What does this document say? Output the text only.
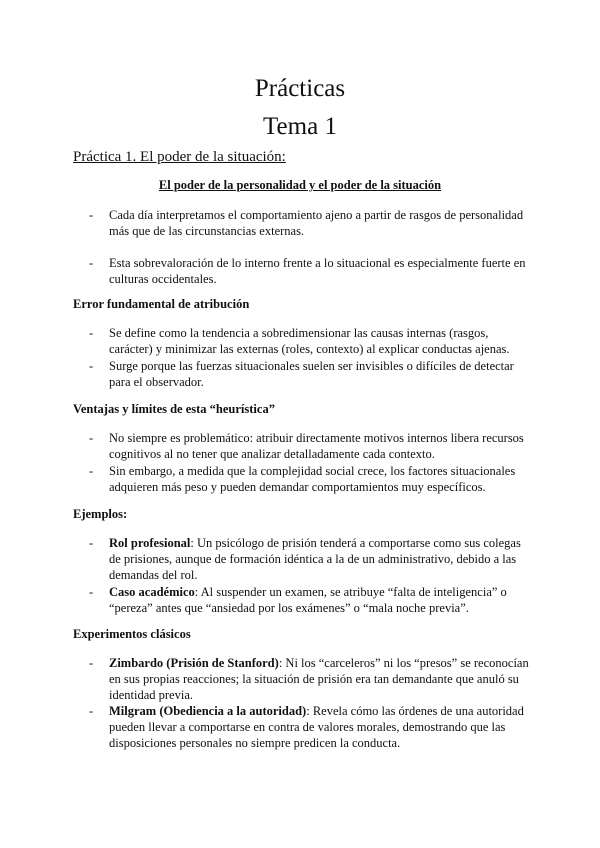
Prácticas
Tema 1
Práctica 1. El poder de la situación:
El poder de la personalidad y el poder de la situación
- Cada día interpretamos el comportamiento ajeno a partir de rasgos de personalidad más que de las circunstancias externas.
- Esta sobrevaloración de lo interno frente a lo situacional es especialmente fuerte en culturas occidentales.
Error fundamental de atribución
- Se define como la tendencia a sobredimensionar las causas internas (rasgos, carácter) y minimizar las externas (roles, contexto) al explicar conductas ajenas.
- Surge porque las fuerzas situacionales suelen ser invisibles o difíciles de detectar para el observador.
Ventajas y límites de esta “heurística”
- No siempre es problemático: atribuir directamente motivos internos libera recursos cognitivos al no tener que analizar detalladamente cada contexto.
- Sin embargo, a medida que la complejidad social crece, los factores situacionales adquieren más peso y pueden demandar comportamientos muy específicos.
Ejemplos:
- Rol profesional: Un psicólogo de prisión tenderá a comportarse como sus colegas de prisiones, aunque de formación idéntica a la de un administrativo, debido a las demandas del rol.
- Caso académico: Al suspender un examen, se atribuye “falta de inteligencia” o “pereza” antes que “ansiedad por los exámenes” o “mala noche previa”.
Experimentos clásicos
- Zimbardo (Prisión de Stanford): Ni los “carceleros” ni los “presos” se reconocían en sus propias reacciones; la situación de prisión era tan demandante que anuló su identidad previa.
- Milgram (Obediencia a la autoridad): Revela cómo las órdenes de una autoridad pueden llevar a comportarse en contra de valores morales, demostrando que las disposiciones personales no siempre predicen la conducta.
